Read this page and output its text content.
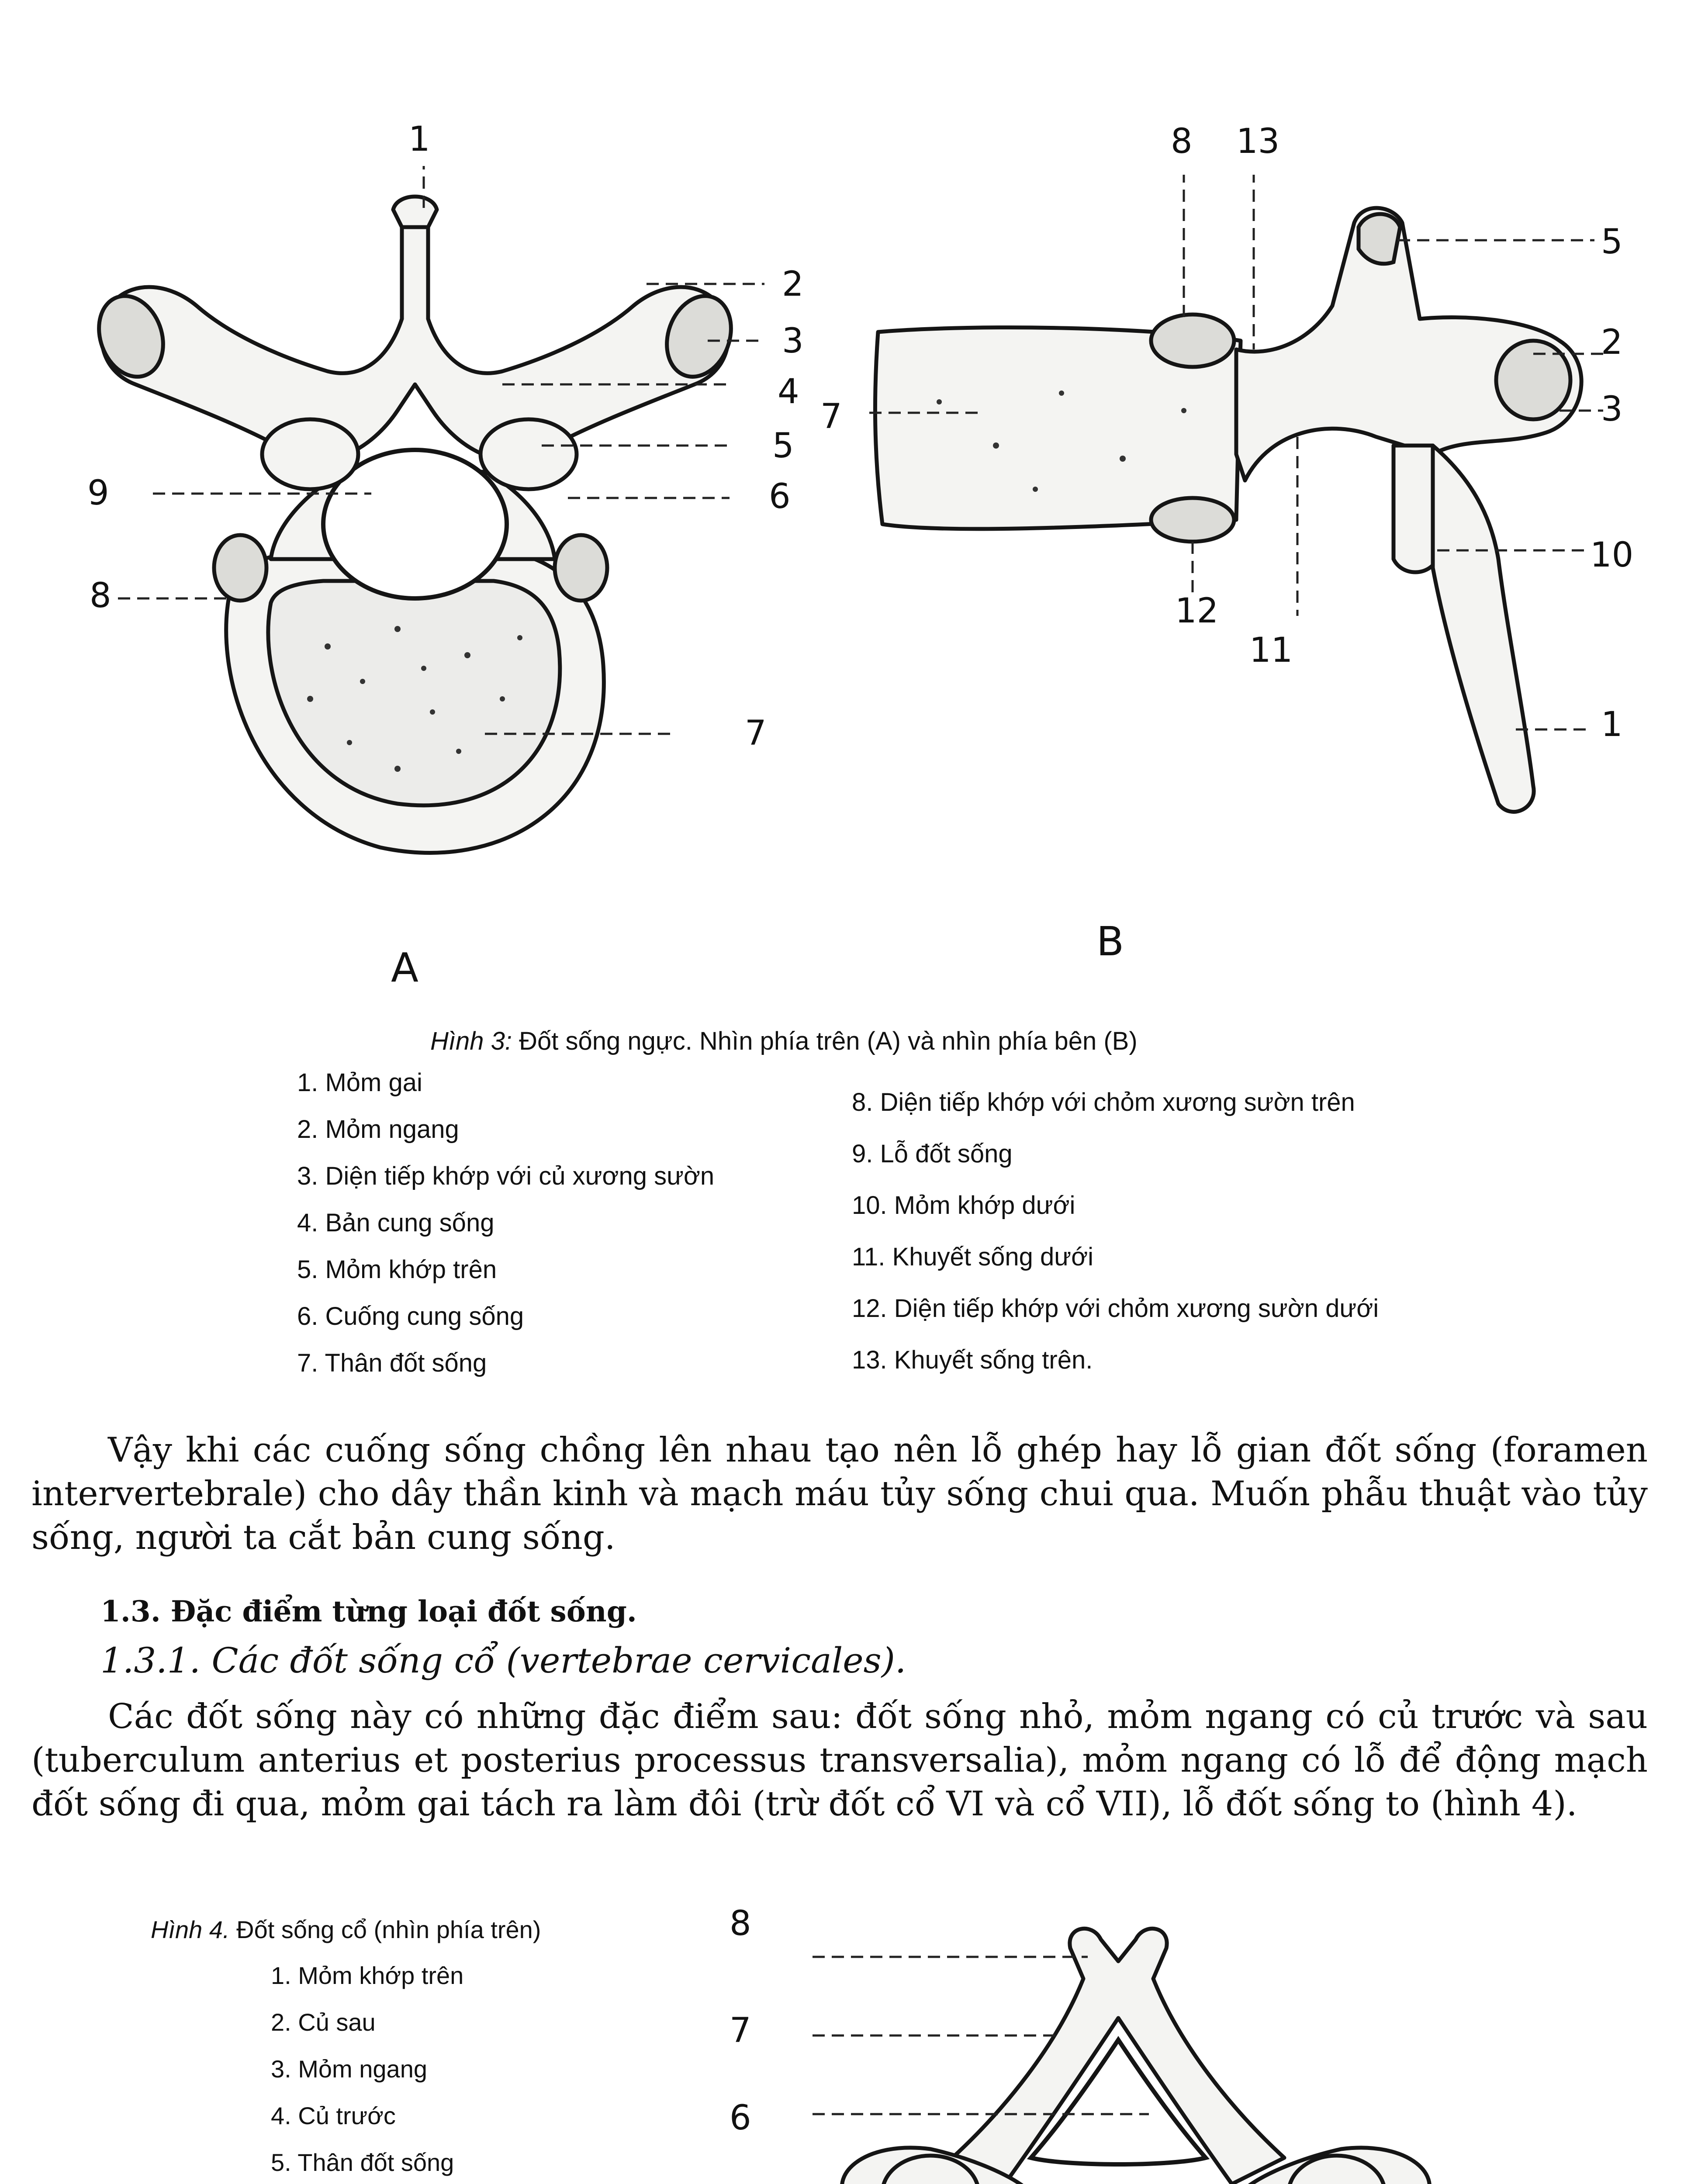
1
2
3
4
5
6
7
8
9
A
8 13
5
2
3
7
10
12
11
1
B
Hình 3: Đốt sống ngực. Nhìn phía trên (A) và nhìn phía bên (B)
1. Mỏm gai
2. Mỏm ngang
3. Diện tiếp khớp với củ xương sườn
4. Bản cung sống
5. Mỏm khớp trên
6. Cuống cung sống
7. Thân đốt sống
8. Diện tiếp khớp với chỏm xương sườn trên
9. Lỗ đốt sống
10. Mỏm khớp dưới
11. Khuyết sống dưới
12. Diện tiếp khớp với chỏm xương sườn dưới
13. Khuyết sống trên.

Vậy khi các cuống sống chồng lên nhau tạo nên lỗ ghép hay lỗ gian đốt sống (foramen intervertebrale) cho dây thần kinh và mạch máu tủy sống chui qua. Muốn phẫu thuật vào tủy sống, người ta cắt bản cung sống.

1.3. Đặc điểm từng loại đốt sống.
1.3.1. Các đốt sống cổ (vertebrae cervicales).

Các đốt sống này có những đặc điểm sau: đốt sống nhỏ, mỏm ngang có củ trước và sau (tuberculum anterius et posterius processus transversalia), mỏm ngang có lỗ để động mạch đốt sống đi qua, mỏm gai tách ra làm đôi (trừ đốt cổ VI và cổ VII), lỗ đốt sống to (hình 4).

Hình 4. Đốt sống cổ (nhìn phía trên)
1. Mỏm khớp trên
2. Củ sau
3. Mỏm ngang
4. Củ trước
5. Thân đốt sống
8
7
6
